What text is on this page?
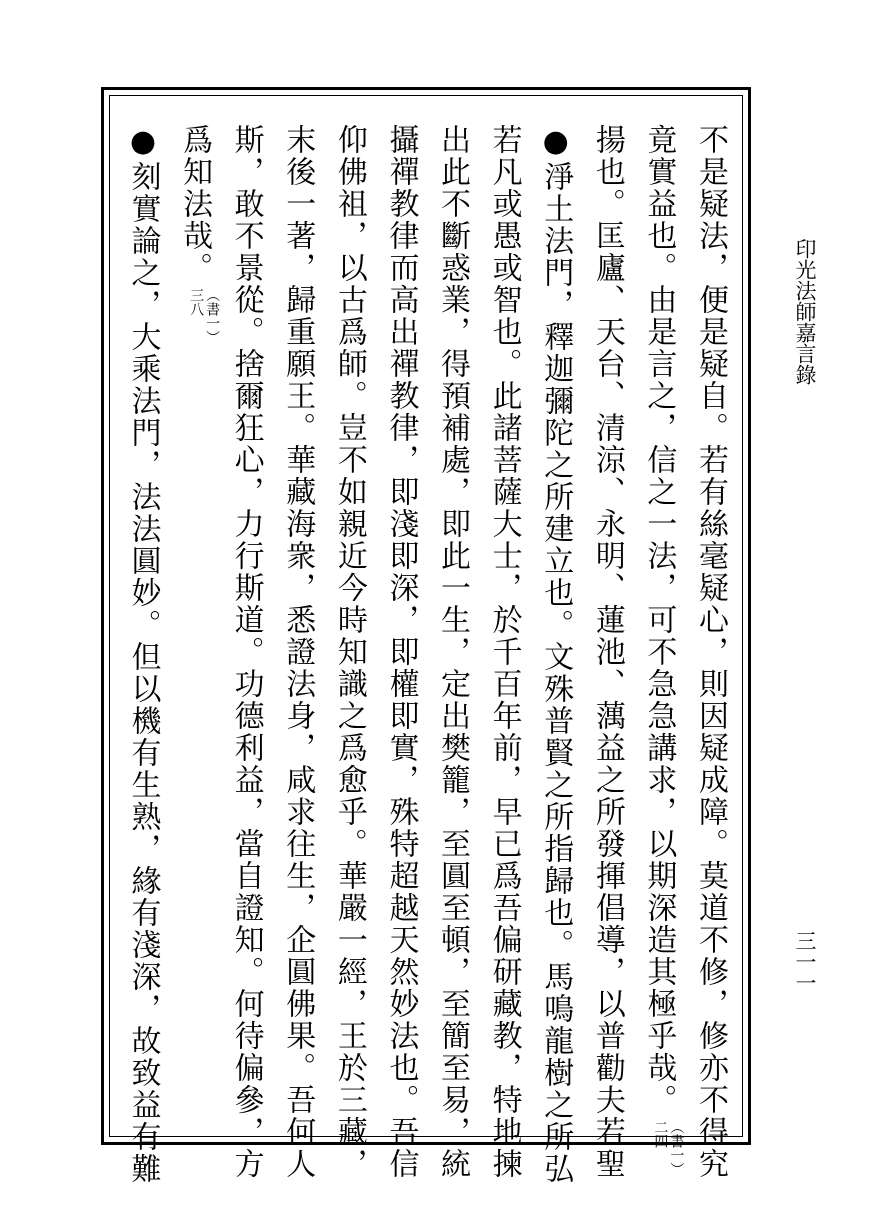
印光法師嘉言錄
三一一
不是疑法，便是疑自。若有絲毫疑心，則因疑成障。莫道不修，修亦不得究
竟實益也。由是言之，信之一法，可不急急講求，以期深造其極乎哉。（書一）二四
揚也。匡廬、天台、清涼、永明、蓮池、蕅益之所發揮倡導，以普勸夫若聖
●淨土法門，釋迦彌陀之所建立也。文殊普賢之所指歸也。馬鳴龍樹之所弘
若凡或愚或智也。此諸菩薩大士，於千百年前，早已爲吾偏研藏教，特地揀
出此不斷惑業，得預補處，即此一生，定出樊籠，至圓至頓，至簡至易，統
攝禪教律而高出禪教律，即淺即深，即權即實，殊特超越天然妙法也。吾信
仰佛祖，以古爲師。豈不如親近今時知識之爲愈乎。華嚴一經，王於三藏，
末後一著，歸重願王。華藏海衆，悉證法身，咸求往生，企圓佛果。吾何人
斯，敢不景從。捨爾狂心，力行斯道。功德利益，當自證知。何待偏參，方
爲知法哉。（書一）三八
●刻實論之，大乘法門，法法圓妙。但以機有生熟，緣有淺深，故致益有難
